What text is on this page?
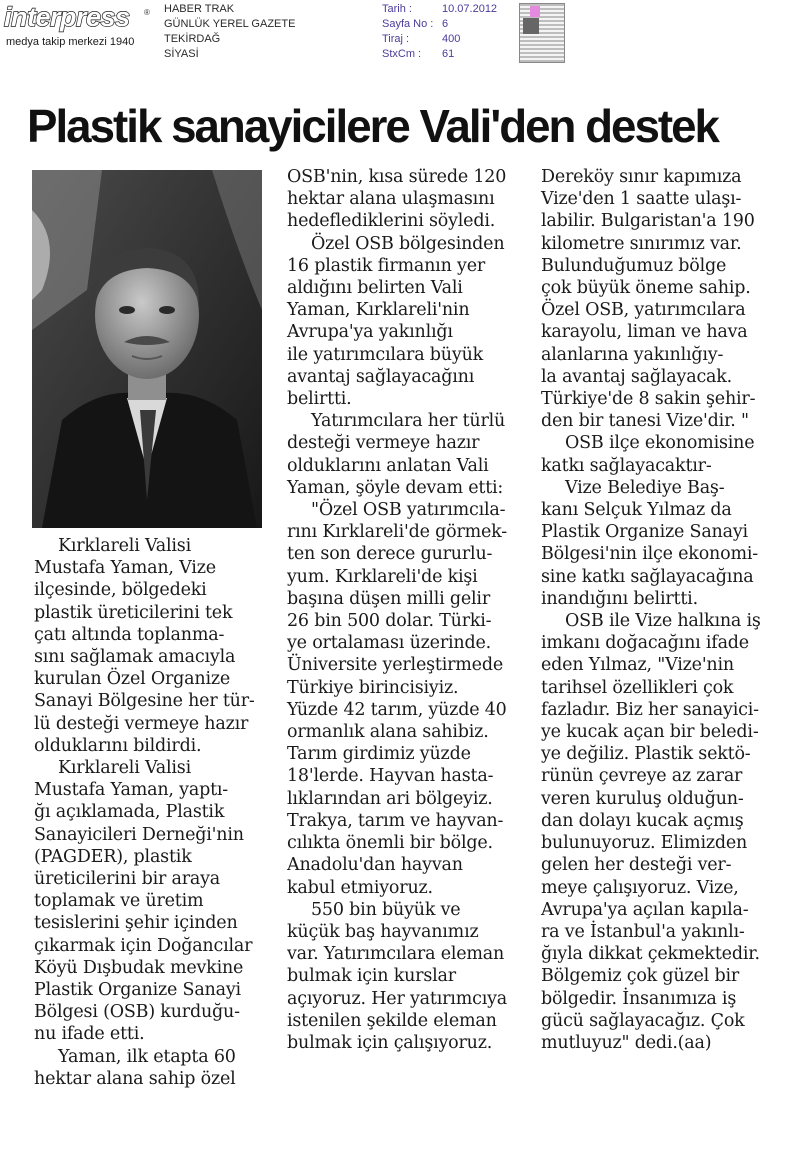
interpress ®
medya takip merkezi 1940
HABER TRAK
GÜNLÜK YEREL GAZETE
TEKİRDAĞ
SİYASİ
Tarih :	10.07.2012
Sayfa No : 6
Tiraj :	400
StxCm :	61
Plastik sanayicilere Vali'den destek

Kırklareli Valisi

Mustafa Yaman, Vize

ilçesinde, bölgedeki

plastik üreticilerini tek

çatı altında toplanma-

sını sağlamak amacıyla

kurulan Özel Organize

Sanayi Bölgesine her tür-

lü desteği vermeye hazır

olduklarını bildirdi.

Kırklareli Valisi

Mustafa Yaman, yaptı-

ğı açıklamada, Plastik

Sanayicileri Derneği'nin

(PAGDER), plastik

üreticilerini bir araya

toplamak ve üretim

tesislerini şehir içinden

çıkarmak için Doğancılar

Köyü Dışbudak mevkine

Plastik Organize Sanayi

Bölgesi (OSB) kurduğu-

nu ifade etti.

Yaman, ilk etapta 60

hektar alana sahip özel

OSB'nin, kısa sürede 120

hektar alana ulaşmasını

hedeflediklerini söyledi.

Özel OSB bölgesinden

16 plastik firmanın yer

aldığını belirten Vali

Yaman, Kırklareli'nin

Avrupa'ya yakınlığı

ile yatırımcılara büyük

avantaj sağlayacağını

belirtti.

Yatırımcılara her türlü

desteği vermeye hazır

olduklarını anlatan Vali

Yaman, şöyle devam etti:

"Özel OSB yatırımcıla-

rını Kırklareli'de görmek-

ten son derece gururlu-

yum. Kırklareli'de kişi

başına düşen milli gelir

26 bin 500 dolar. Türki-

ye ortalaması üzerinde.

Üniversite yerleştirmede

Türkiye birincisiyiz.

Yüzde 42 tarım, yüzde 40

ormanlık alana sahibiz.

Tarım girdimiz yüzde

18'lerde. Hayvan hasta-

lıklarından ari bölgeyiz.

Trakya, tarım ve hayvan-

cılıkta önemli bir bölge.

Anadolu'dan hayvan

kabul etmiyoruz.

550 bin büyük ve

küçük baş hayvanımız

var. Yatırımcılara eleman

bulmak için kurslar

açıyoruz. Her yatırımcıya

istenilen şekilde eleman

bulmak için çalışıyoruz.

Dereköy sınır kapımıza

Vize'den 1 saatte ulaşı-

labilir. Bulgaristan'a 190

kilometre sınırımız var.

Bulunduğumuz bölge

çok büyük öneme sahip.

Özel OSB, yatırımcılara

karayolu, liman ve hava

alanlarına yakınlığıy-

la avantaj sağlayacak.

Türkiye'de 8 sakin şehir-

den bir tanesi Vize'dir. "

OSB ilçe ekonomisine

katkı sağlayacaktır-

Vize Belediye Baş-

kanı Selçuk Yılmaz da

Plastik Organize Sanayi

Bölgesi'nin ilçe ekonomi-

sine katkı sağlayacağına

inandığını belirtti.

OSB ile Vize halkına iş

imkanı doğacağını ifade

eden Yılmaz, "Vize'nin

tarihsel özellikleri çok

fazladır. Biz her sanayici-

ye kucak açan bir beledi-

ye değiliz. Plastik sektö-

rünün çevreye az zarar

veren kuruluş olduğun-

dan dolayı kucak açmış

bulunuyoruz. Elimizden

gelen her desteği ver-

meye çalışıyoruz. Vize,

Avrupa'ya açılan kapıla-

ra ve İstanbul'a yakınlı-

ğıyla dikkat çekmektedir.

Bölgemiz çok güzel bir

bölgedir. İnsanımıza iş

gücü sağlayacağız. Çok

mutluyuz" dedi.(aa)
